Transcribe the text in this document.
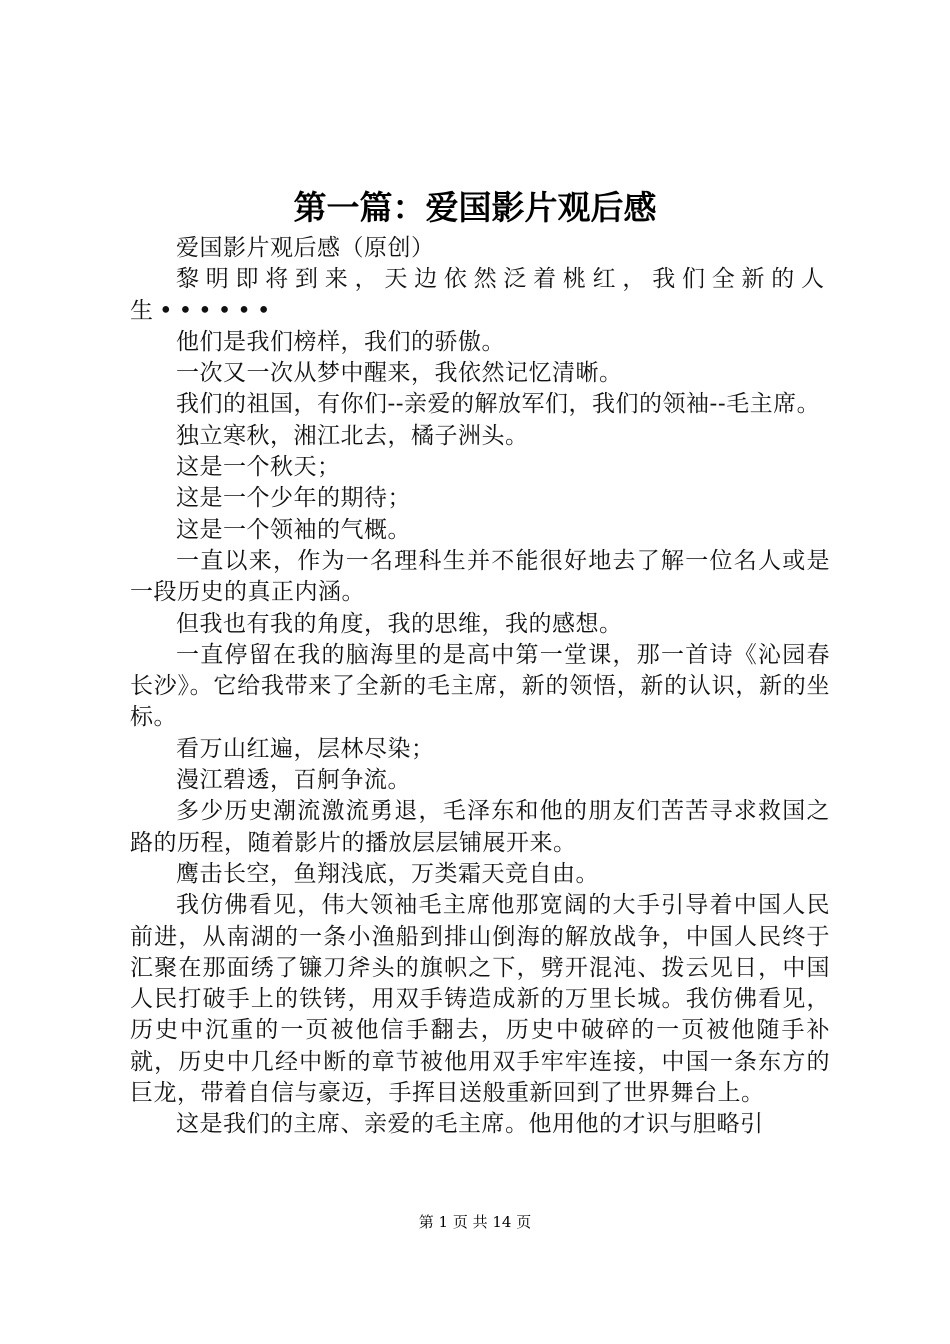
第一篇：爱国影片观后感

爱国影片观后感（原创）

黎明即将到来，天边依然泛着桃红，我们全新的人生••••••

他们是我们榜样，我们的骄傲。

一次又一次从梦中醒来，我依然记忆清晰。

我们的祖国，有你们--亲爱的解放军们，我们的领袖--毛主席。

独立寒秋，湘江北去，橘子洲头。

这是一个秋天；

这是一个少年的期待；

这是一个领袖的气概。

一直以来，作为一名理科生并不能很好地去了解一位名人或是一段历史的真正内涵。

但我也有我的角度，我的思维，我的感想。

一直停留在我的脑海里的是高中第一堂课，那一首诗《沁园春长沙》。它给我带来了全新的毛主席，新的领悟，新的认识，新的坐标。

看万山红遍，层林尽染；

漫江碧透，百舸争流。

多少历史潮流激流勇退，毛泽东和他的朋友们苦苦寻求救国之路的历程，随着影片的播放层层铺展开来。

鹰击长空，鱼翔浅底，万类霜天竞自由。

我仿佛看见，伟大领袖毛主席他那宽阔的大手引导着中国人民前进，从南湖的一条小渔船到排山倒海的解放战争，中国人民终于汇聚在那面绣了镰刀斧头的旗帜之下，劈开混沌、拨云见日，中国人民打破手上的铁铐，用双手铸造成新的万里长城。我仿佛看见，历史中沉重的一页被他信手翻去，历史中破碎的一页被他随手补就，历史中几经中断的章节被他用双手牢牢连接，中国一条东方的巨龙，带着自信与豪迈，手挥目送般重新回到了世界舞台上。

这是我们的主席、亲爱的毛主席。他用他的才识与胆略引

第 1 页 共 14 页
